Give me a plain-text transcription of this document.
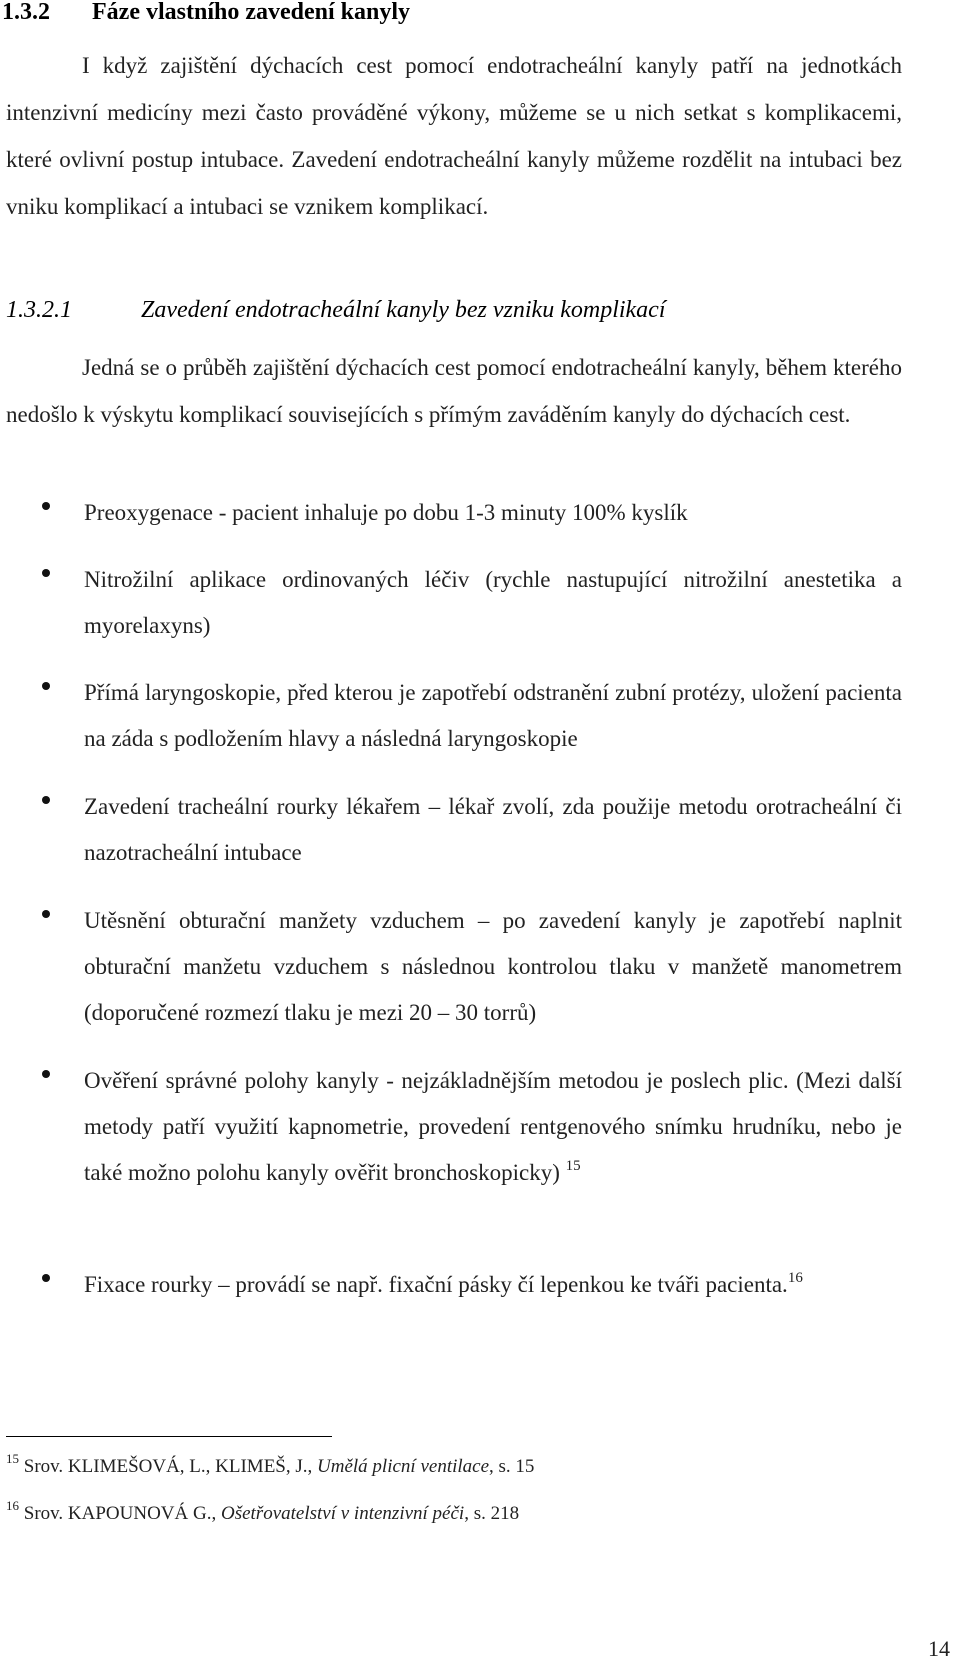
1.3.2 Fáze vlastního zavedení kanyly

I když zajištění dýchacích cest pomocí endotracheální kanyly patří na jednotkách intenzivní medicíny mezi často prováděné výkony, můžeme se u nich setkat s komplikacemi, které ovlivní postup intubace. Zavedení endotracheální kanyly můžeme rozdělit na intubaci bez vniku komplikací a intubaci se vznikem komplikací.

1.3.2.1	Zavedení endotracheální kanyly bez vzniku komplikací

Jedná se o průběh zajištění dýchacích cest pomocí endotracheální kanyly, během kterého nedošlo k výskytu komplikací souvisejících s přímým zaváděním kanyly do dýchacích cest.

Preoxygenace - pacient inhaluje po dobu 1-3 minuty 100% kyslík

Nitrožilní aplikace ordinovaných léčiv (rychle nastupující nitrožilní anestetika a myorelaxyns)

Přímá laryngoskopie, před kterou je zapotřebí odstranění zubní protézy, uložení pacienta na záda s podložením hlavy a následná laryngoskopie

Zavedení tracheální rourky lékařem – lékař zvolí, zda použije metodu orotracheální či nazotracheální intubace

Utěsnění obturační manžety vzduchem – po zavedení kanyly je zapotřebí naplnit obturační manžetu vzduchem s následnou kontrolou tlaku v manžetě manometrem (doporučené rozmezí tlaku je mezi 20 – 30 torrů)

Ověření správné polohy kanyly - nejzákladnějším metodou je poslech plic. (Mezi další metody patří využití kapnometrie, provedení rentgenového snímku hrudníku, nebo je také možno polohu kanyly ověřit bronchoskopicky) $^{15}$

Fixace rourky – provádí se např. fixační pásky čí lepenkou ke tváři pacienta.$^{16}$

$^{15}$ Srov. KLIMEŠOVÁ, L., KLIMEŠ, J., Umělá plicní ventilace, s. 15

$^{16}$ Srov. KAPOUNOVÁ G., Ošetřovatelství v intenzivní péči, s. 218

14
